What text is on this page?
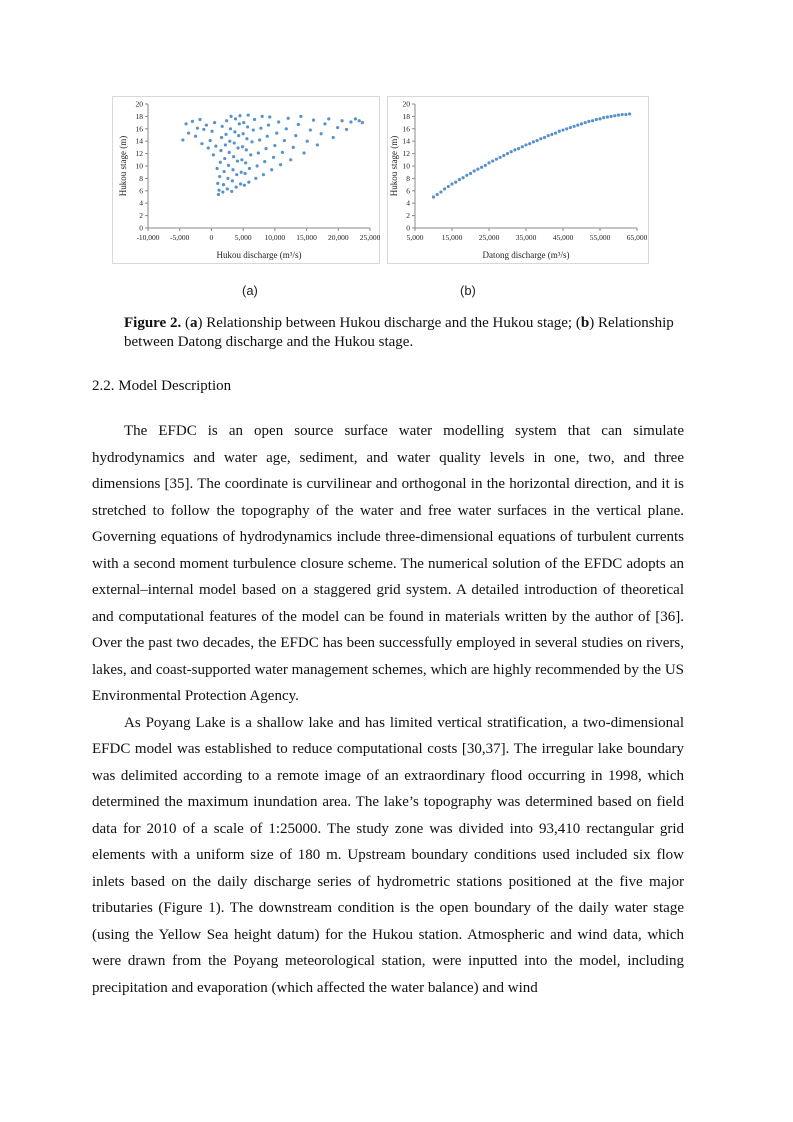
0
2
4
6
8
10
12
14
16
18
20
-10,000 -5,000	0	5,000 10,000 15,000 20,000 25,000
Hukou discharge (m³/s)
Hukou stage (m)
0
2
4
6
8
10
12
14
16
18
20
5,000 15,000 25,000 35,000 45,000 55,000 65,000
Datong discharge (m³/s)
Hukou stage (m)
(a)	(b)
Figure 2. (a) Relationship between Hukou discharge and the Hukou stage; (b) Relationship between Datong discharge and the Hukou stage.
2.2. Model Description

The EFDC is an open source surface water modelling system that can simulate hydrodynamics and water age, sediment, and water quality levels in one, two, and three dimensions [35]. The coordinate is curvilinear and orthogonal in the horizontal direction, and it is stretched to follow the topography of the water and free water surfaces in the vertical plane. Governing equations of hydrodynamics include three-dimensional equations of turbulent currents with a second moment turbulence closure scheme. The numerical solution of the EFDC adopts an external–internal model based on a staggered grid system. A detailed introduction of theoretical and computational features of the model can be found in materials written by the author of [36]. Over the past two decades, the EFDC has been successfully employed in several studies on rivers, lakes, and coast-supported water management schemes, which are highly recommended by the US Environmental Protection Agency.

As Poyang Lake is a shallow lake and has limited vertical stratification, a two-dimensional EFDC model was established to reduce computational costs [30,37]. The irregular lake boundary was delimited according to a remote image of an extraordinary flood occurring in 1998, which determined the maximum inundation area. The lake’s topography was determined based on field data for 2010 of a scale of 1:25000. The study zone was divided into 93,410 rectangular grid elements with a uniform size of 180 m. Upstream boundary conditions used included six flow inlets based on the daily discharge series of hydrometric stations positioned at the five major tributaries (Figure 1). The downstream condition is the open boundary of the daily water stage (using the Yellow Sea height datum) for the Hukou station. Atmospheric and wind data, which were drawn from the Poyang meteorological station, were inputted into the model, including precipitation and evaporation (which affected the water balance) and wind
